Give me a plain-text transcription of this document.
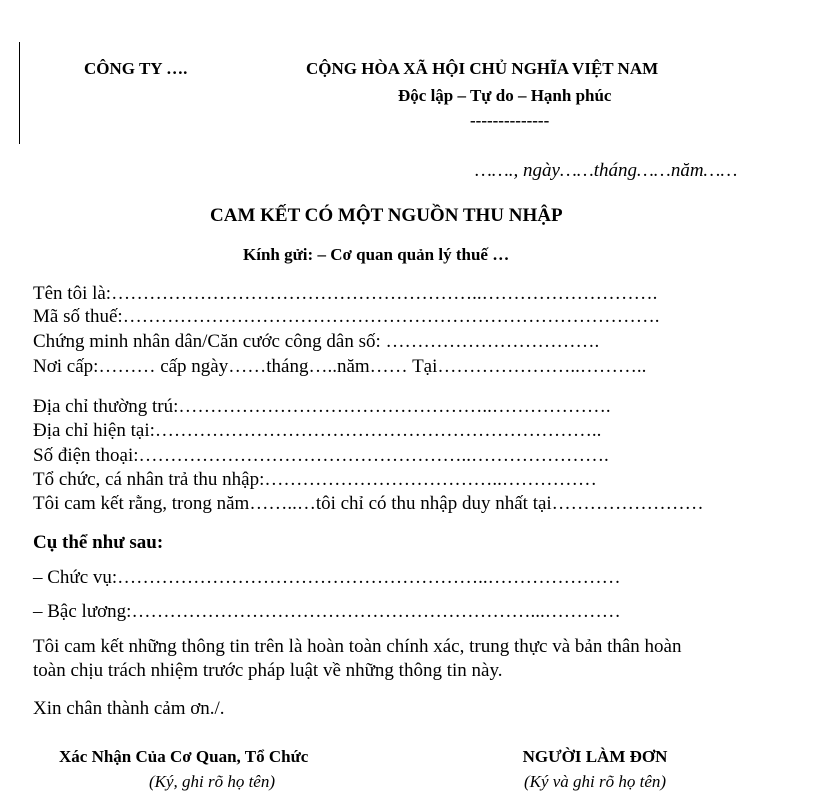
CÔNG TY ….	CỘNG HÒA XÃ HỘI CHỦ NGHĨA VIỆT NAM
Độc lập – Tự do – Hạnh phúc
--------------
……., ngày……tháng……năm……
CAM KẾT CÓ MỘT NGUỒN THU NHẬP
Kính gửi: – Cơ quan quản lý thuế …
Tên tôi là:…………………………………………………..……………………….
Mã số thuế:………………………………………………………………………….
Chứng minh nhân dân/Căn cước công dân số: …………………………….
Nơi cấp:……… cấp ngày……tháng…..năm…… Tại…………………..………..
Địa chỉ thường trú:…………………………………………..……………….
Địa chỉ hiện tại:……………………………………………………………..
Số điện thoại:……………………………………………..………………….
Tổ chức, cá nhân trả thu nhập:………………………………..……………
Tôi cam kết rằng, trong năm……..…tôi chỉ có thu nhập duy nhất tại……………………
Cụ thể như sau:
– Chức vụ:…………………………………………………..…………………
– Bậc lương:………………………………………………………...…………
Tôi cam kết những thông tin trên là hoàn toàn chính xác, trung thực và bản thân hoàn
toàn chịu trách nhiệm trước pháp luật về những thông tin này.
Xin chân thành cảm ơn./.
Xác Nhận Của Cơ Quan, Tổ Chức
(Ký, ghi rõ họ tên)
NGƯỜI LÀM ĐƠN
(Ký và ghi rõ họ tên)
